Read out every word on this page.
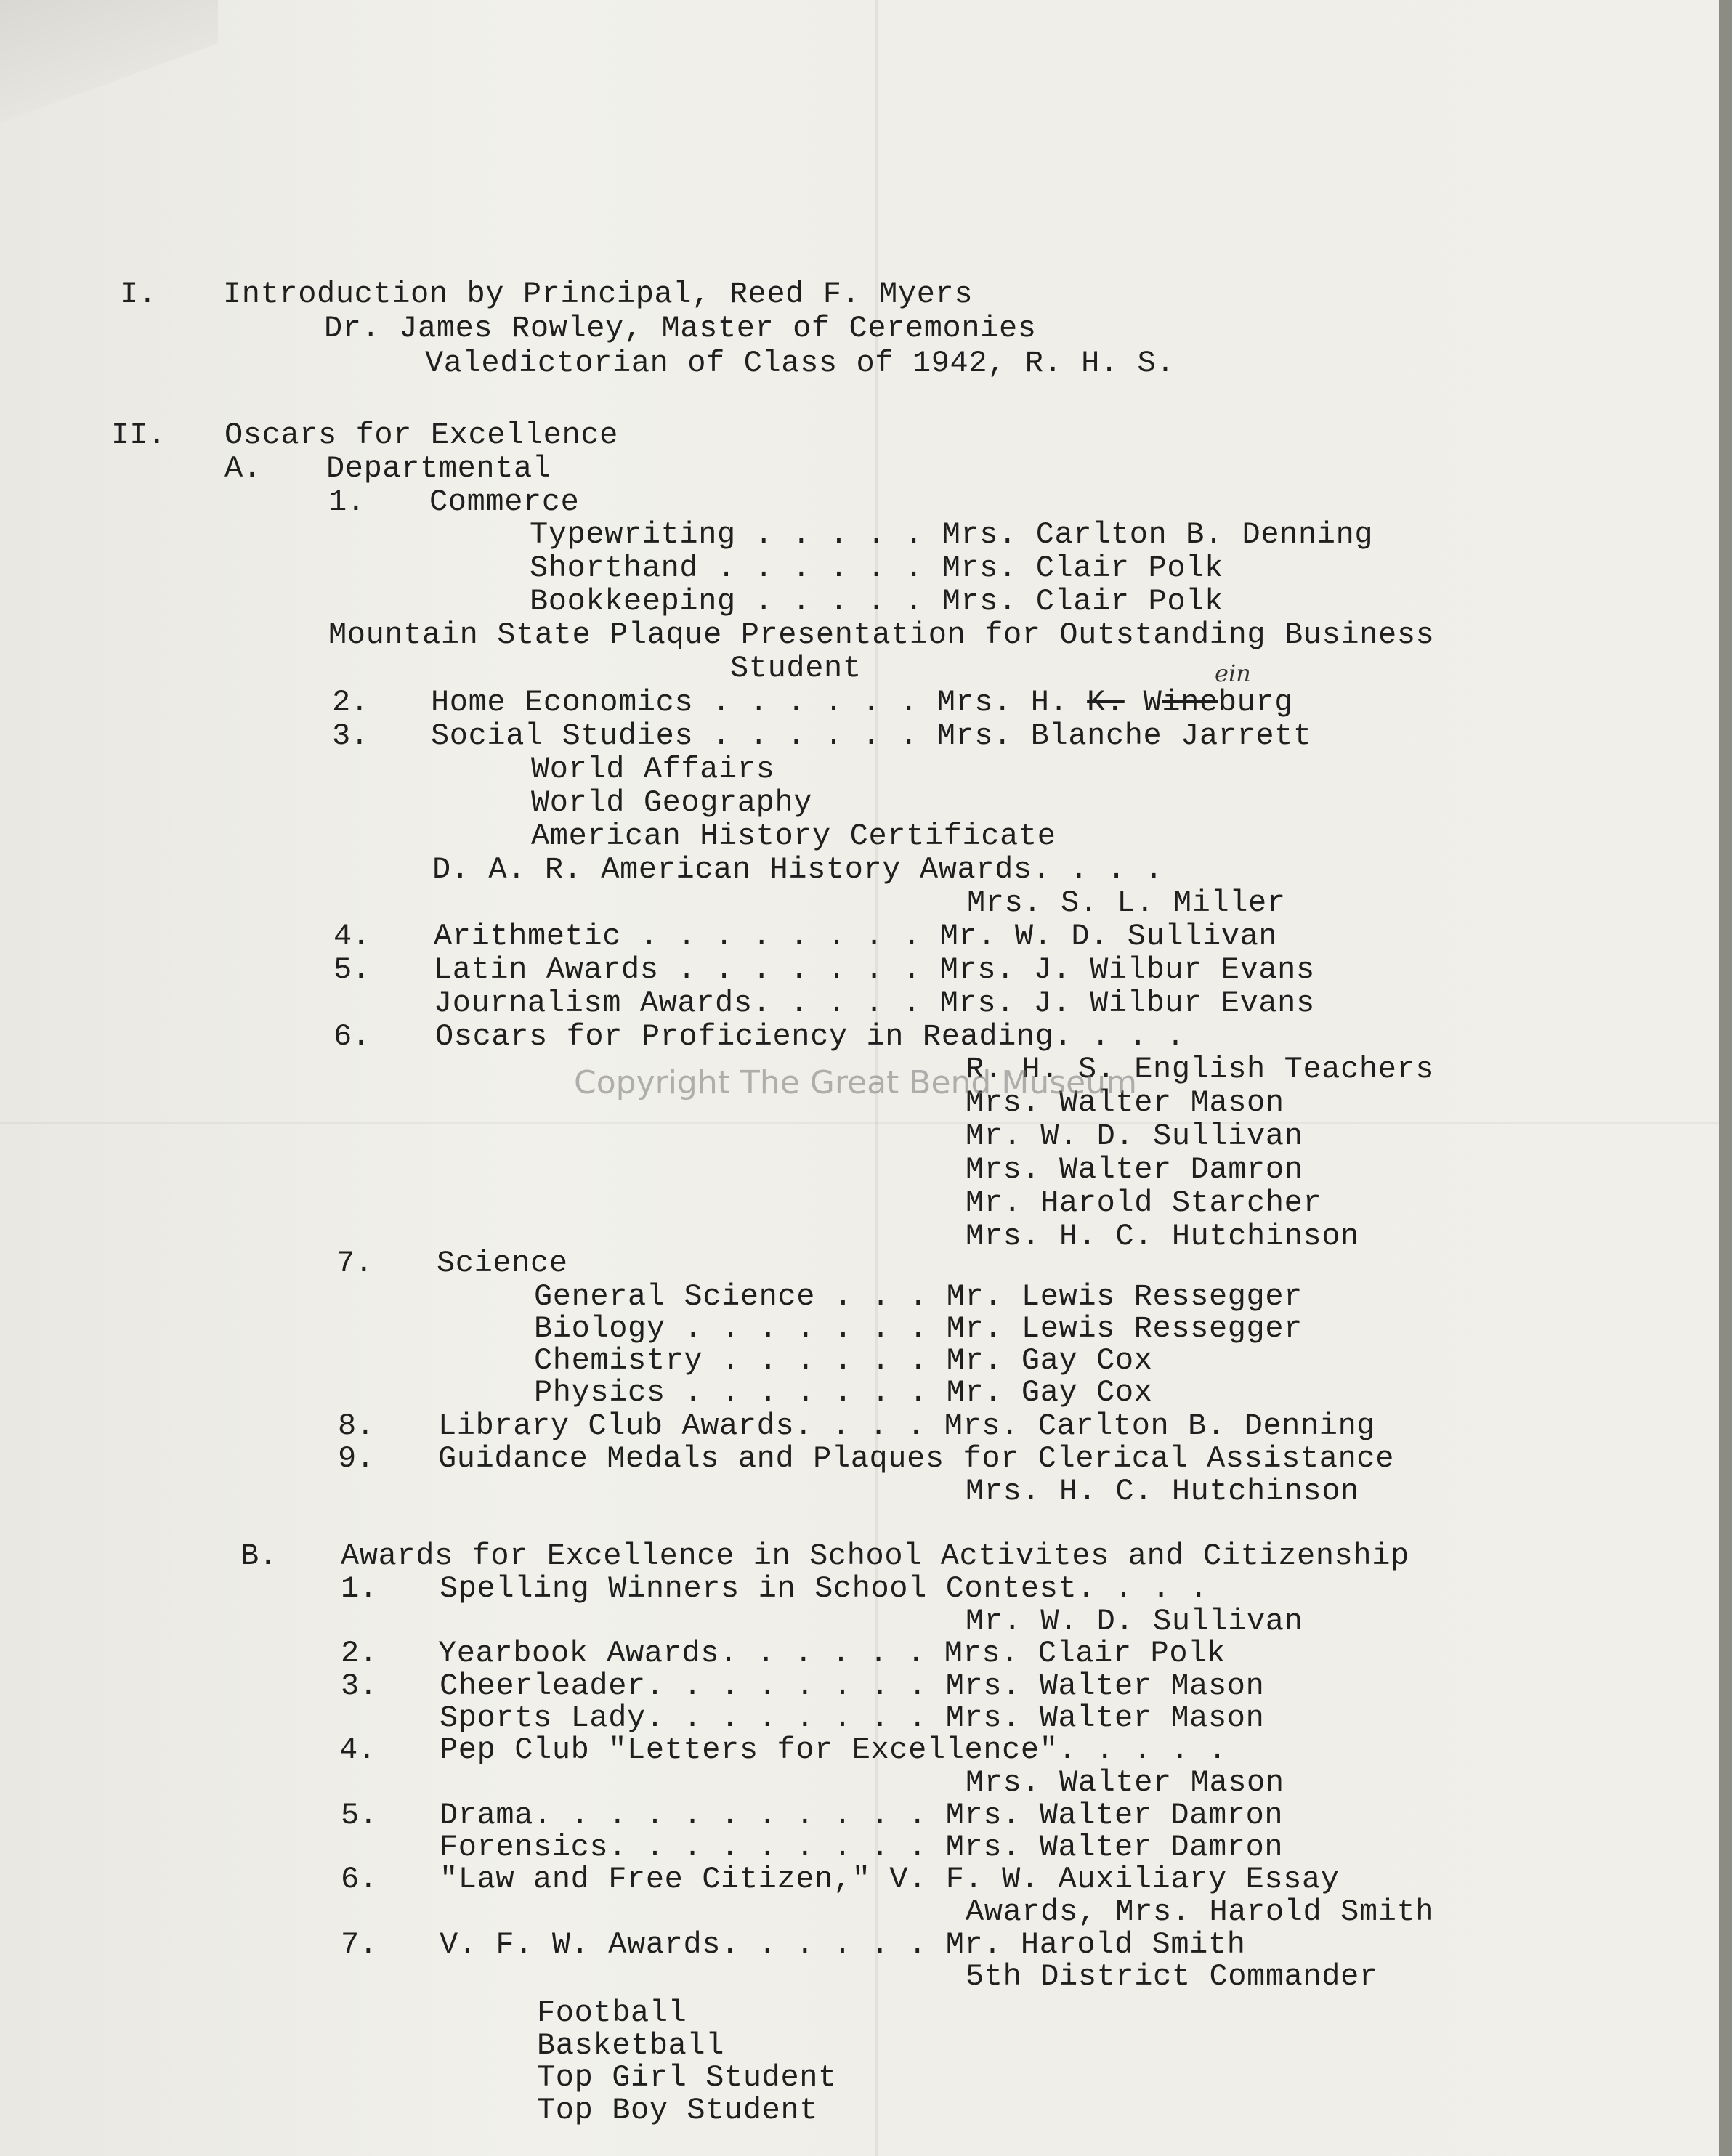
I. Introduction by Principal, Reed F. Myers
Dr. James Rowley, Master of Ceremonies
Valedictorian of Class of 1942, R. H. S.
II. Oscars for Excellence
A. Departmental
1. Commerce
Typewriting . . . . . Mrs. Carlton B. Denning
Shorthand . . . . . . Mrs. Clair Polk
Bookkeeping . . . . . Mrs. Clair Polk
Mountain State Plaque Presentation for Outstanding Business
Student
2. Home Economics . . . . . . Mrs. H. K. Wineburg
ein
3. Social Studies . . . . . . Mrs. Blanche Jarrett
World Affairs
World Geography
American History Certificate
D. A. R. American History Awards. . . .
Mrs. S. L. Miller
4. Arithmetic . . . . . . . . Mr. W. D. Sullivan
5. Latin Awards . . . . . . . Mrs. J. Wilbur Evans
Journalism Awards. . . . . Mrs. J. Wilbur Evans
6. Oscars for Proficiency in Reading. . . .
R. H. S. English Teachers
Mrs. Walter Mason
Mr. W. D. Sullivan
Mrs. Walter Damron
Mr. Harold Starcher
Mrs. H. C. Hutchinson
7. Science
General Science . . . Mr. Lewis Ressegger
Biology . . . . . . . Mr. Lewis Ressegger
Chemistry . . . . . . Mr. Gay Cox
Physics . . . . . . . Mr. Gay Cox
8. Library Club Awards. . . . Mrs. Carlton B. Denning
9. Guidance Medals and Plaques for Clerical Assistance
Mrs. H. C. Hutchinson
B. Awards for Excellence in School Activites and Citizenship
1. Spelling Winners in School Contest. . . .
Mr. W. D. Sullivan
2. Yearbook Awards. . . . . . Mrs. Clair Polk
3. Cheerleader. . . . . . . . Mrs. Walter Mason
Sports Lady. . . . . . . . Mrs. Walter Mason
4. Pep Club "Letters for Excellence". . . . .
Mrs. Walter Mason
5. Drama. . . . . . . . . . . Mrs. Walter Damron
Forensics. . . . . . . . . Mrs. Walter Damron
6. "Law and Free Citizen," V. F. W. Auxiliary Essay
Awards, Mrs. Harold Smith
7. V. F. W. Awards. . . . . . Mr. Harold Smith
5th District Commander
Football
Basketball
Top Girl Student
Top Boy Student
Copyright The Great Bend Museum
